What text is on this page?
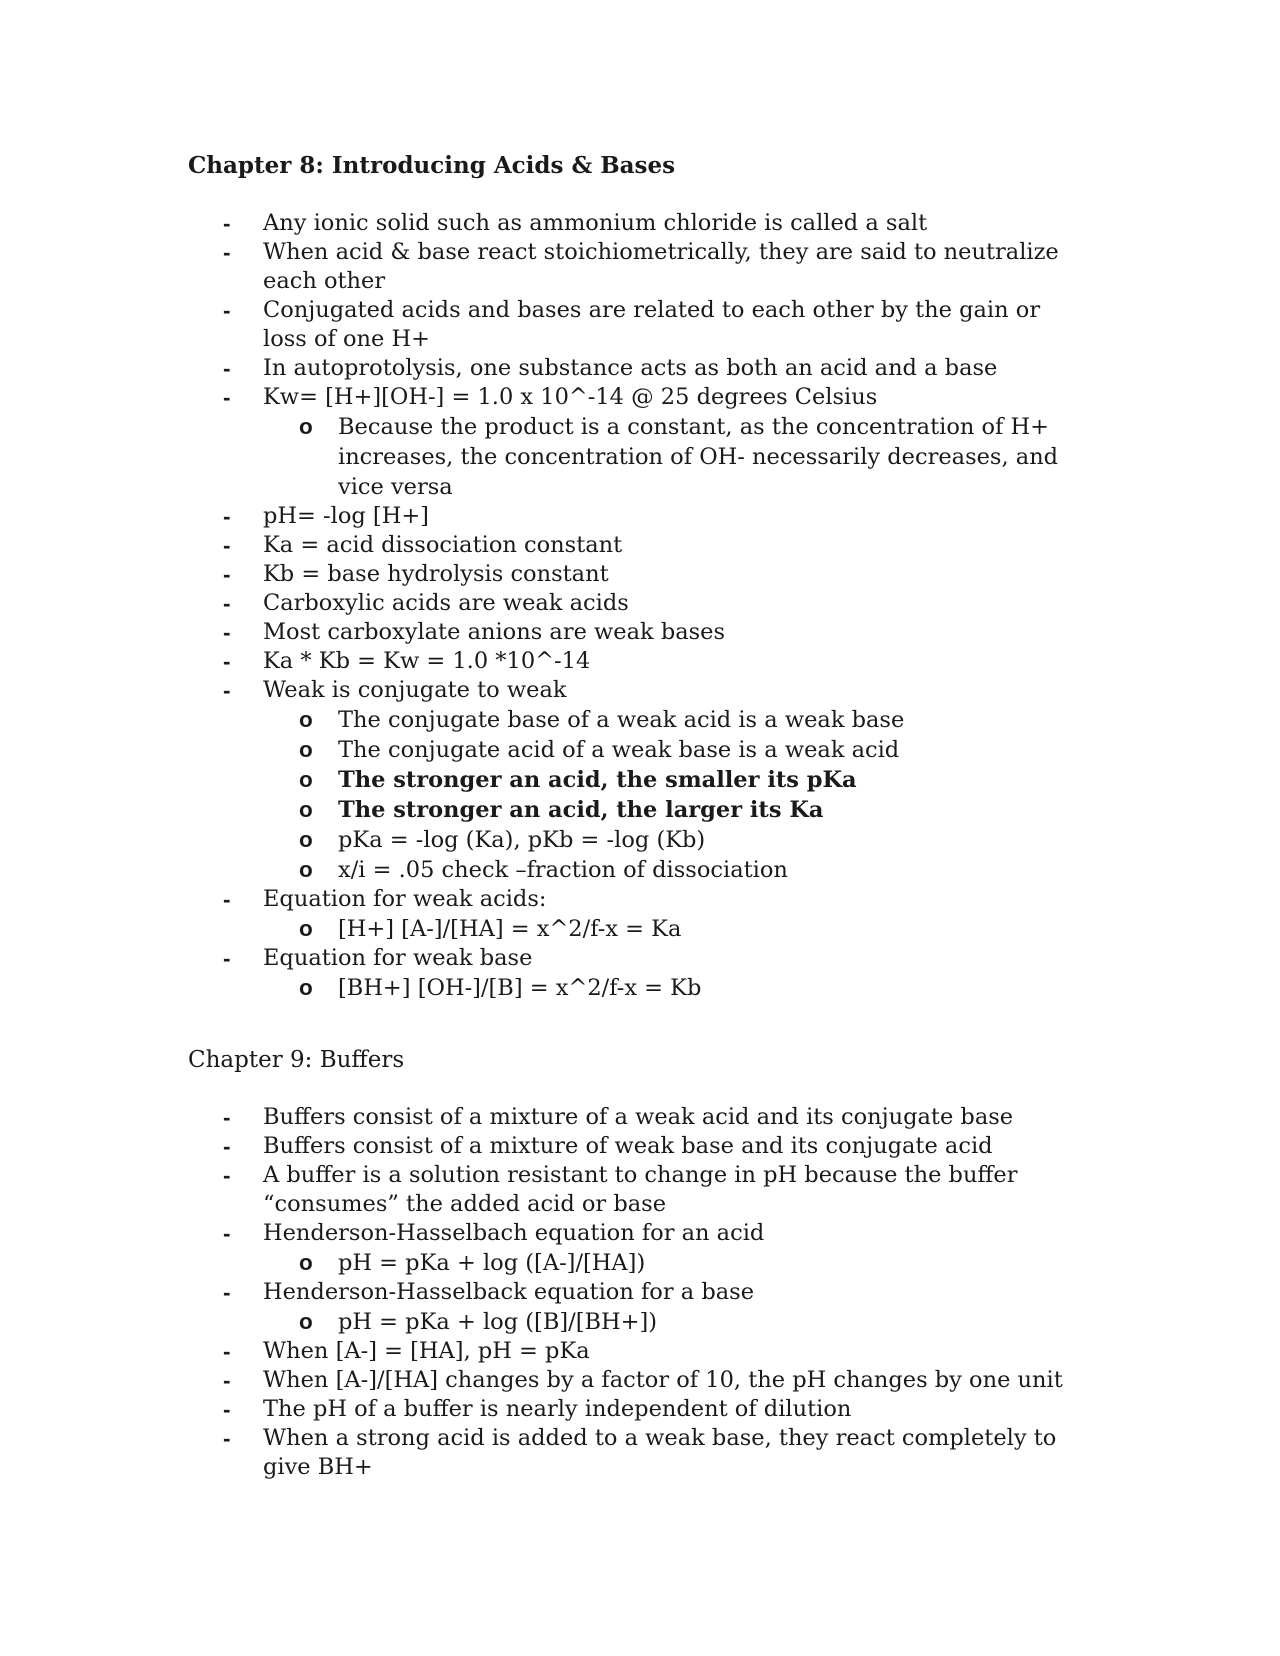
Chapter 8: Introducing Acids & Bases
- Any ionic solid such as ammonium chloride is called a salt
- When acid & base react stoichiometrically, they are said to neutralize each other
- Conjugated acids and bases are related to each other by the gain or loss of one H+
- In autoprotolysis, one substance acts as both an acid and a base
- Kw= [H+][OH-] = 1.0 x 10^-14 @ 25 degrees Celsius
o Because the product is a constant, as the concentration of H+ increases, the concentration of OH- necessarily decreases, and vice versa
- pH= -log [H+]
- Ka = acid dissociation constant
- Kb = base hydrolysis constant
- Carboxylic acids are weak acids
- Most carboxylate anions are weak bases
- Ka * Kb = Kw = 1.0 *10^-14
- Weak is conjugate to weak
o The conjugate base of a weak acid is a weak base
o The conjugate acid of a weak base is a weak acid
o The stronger an acid, the smaller its pKa
o The stronger an acid, the larger its Ka
o pKa = -log (Ka), pKb = -log (Kb)
o x/i = .05 check –fraction of dissociation
- Equation for weak acids:
o [H+] [A-]/[HA] = x^2/f-x = Ka
- Equation for weak base
o [BH+] [OH-]/[B] = x^2/f-x = Kb
Chapter 9: Buffers
- Buffers consist of a mixture of a weak acid and its conjugate base
- Buffers consist of a mixture of weak base and its conjugate acid
- A buffer is a solution resistant to change in pH because the buffer “consumes” the added acid or base
- Henderson-Hasselbach equation for an acid
o pH = pKa + log ([A-]/[HA])
- Henderson-Hasselback equation for a base
o pH = pKa + log ([B]/[BH+])
- When [A-] = [HA], pH = pKa
- When [A-]/[HA] changes by a factor of 10, the pH changes by one unit
- The pH of a buffer is nearly independent of dilution
- When a strong acid is added to a weak base, they react completely to give BH+
